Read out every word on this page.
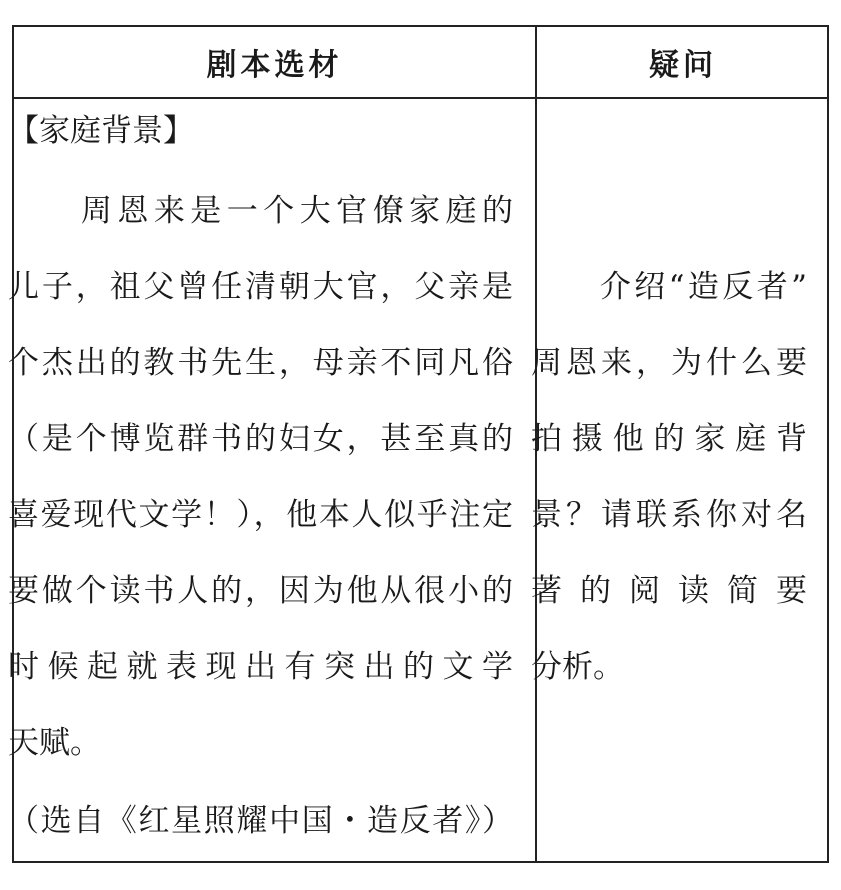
剧本选材	疑问
【家庭背景】
　　周恩来是一个大官僚家庭的
儿子，祖父曾任清朝大官，父亲是
个杰出的教书先生，母亲不同凡俗
（是个博览群书的妇女，甚至真的
喜爱现代文学！），他本人似乎注定
要做个读书人的，因为他从很小的
时候起就表现出有突出的文学
天赋。
（选自《红星照耀中国・造反者》）
　　介绍“造反者”
周恩来，为什么要
拍摄他的家庭背
景？请联系你对名
著的阅读简要
分析。
